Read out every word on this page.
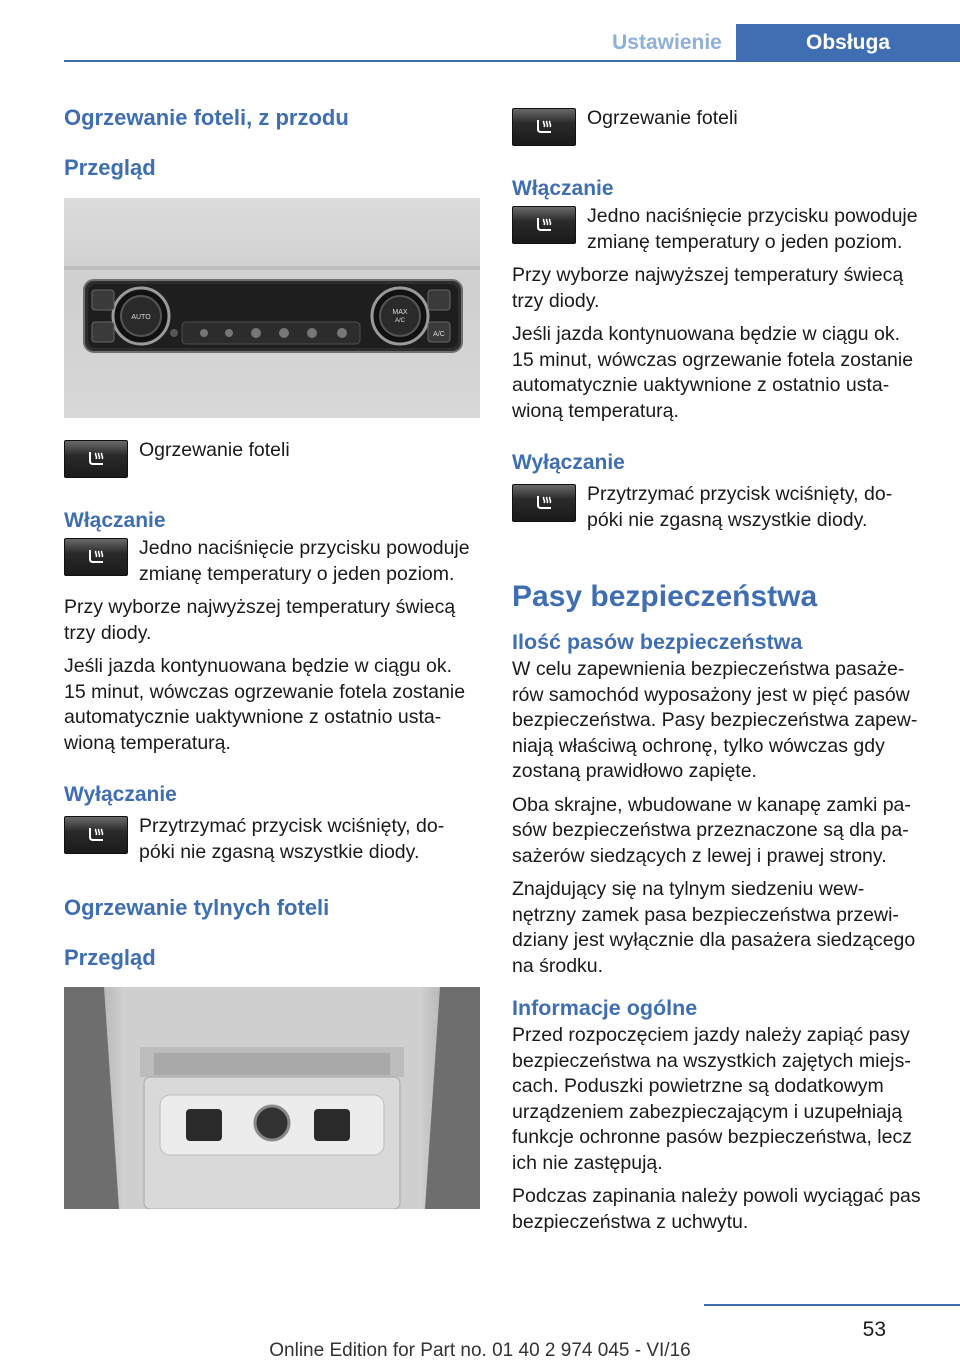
Ustawienie	Obsługa
Ogrzewanie foteli, z przodu
Przegląd
AUTO
MAX
A/C
A/C
Ogrzewanie foteli
Włączanie
Jedno naciśnięcie przycisku powoduje zmianę temperatury o jeden poziom.
Przy wyborze najwyższej temperatury świecą trzy diody.
Jeśli jazda kontynuowana będzie w ciągu ok.
15 minut, wówczas ogrzewanie fotela zostanie
automatycznie uaktywnione z ostatnio usta-
wioną temperaturą.
Wyłączanie
Przytrzymać przycisk wciśnięty, do-
póki nie zgasną wszystkie diody.
Ogrzewanie tylnych foteli
Przegląd
Ogrzewanie foteli
Włączanie
Jedno naciśnięcie przycisku powoduje
zmianę temperatury o jeden poziom.
Przy wyborze najwyższej temperatury świecą
trzy diody.
Jeśli jazda kontynuowana będzie w ciągu ok.
15 minut, wówczas ogrzewanie fotela zostanie
automatycznie uaktywnione z ostatnio usta-
wioną temperaturą.
Wyłączanie
Przytrzymać przycisk wciśnięty, do-
póki nie zgasną wszystkie diody.
Pasy bezpieczeństwa
Ilość pasów bezpieczeństwa
W celu zapewnienia bezpieczeństwa pasaże-
rów samochód wyposażony jest w pięć pasów
bezpieczeństwa. Pasy bezpieczeństwa zapew-
niają właściwą ochronę, tylko wówczas gdy
zostaną prawidłowo zapięte.
Oba skrajne, wbudowane w kanapę zamki pa-
sów bezpieczeństwa przeznaczone są dla pa-
sażerów siedzących z lewej i prawej strony.
Znajdujący się na tylnym siedzeniu wew-
nętrzny zamek pasa bezpieczeństwa przewi-
dziany jest wyłącznie dla pasażera siedzącego
na środku.
Informacje ogólne
Przed rozpoczęciem jazdy należy zapiąć pasy
bezpieczeństwa na wszystkich zajętych miejs-
cach. Poduszki powietrzne są dodatkowym
urządzeniem zabezpieczającym i uzupełniają
funkcje ochronne pasów bezpieczeństwa, lecz
ich nie zastępują.
Podczas zapinania należy powoli wyciągać pas
bezpieczeństwa z uchwytu.
53
Online Edition for Part no. 01 40 2 974 045 - VI/16
